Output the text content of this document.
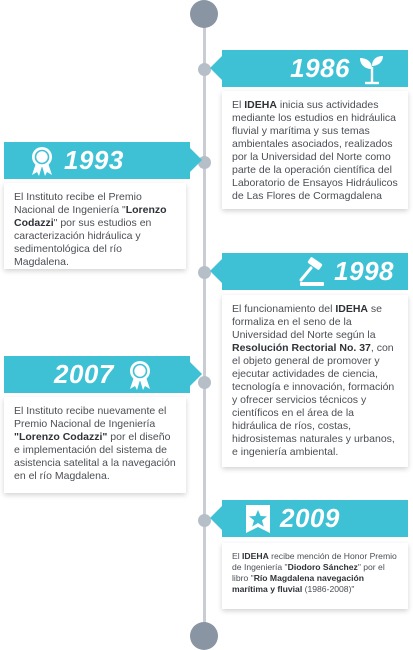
1986
El IDEHA inicia sus actividades mediante los estudios en hidráulica fluvial y marítima y sus temas ambientales asociados, realizados por la Universidad del Norte como parte de la operación científica del Laboratorio de Ensayos Hidráulicos de Las Flores de Cormagdalena
1993
El Instituto recibe el Premio Nacional de Ingeniería "Lorenzo Codazzi" por sus estudios en caracterización hidráulica y sedimentológica del río Magdalena.	1998
El funcionamiento del IDEHA se formaliza en el seno de la Universidad del Norte según la Resolución Rectorial No. 37, con el objeto general de promover y ejecutar actividades de ciencia, tecnología e innovación, formación y ofrecer servicios técnicos y científicos en el área de la hidráulica de ríos, costas, hidrosistemas naturales y urbanos, e ingeniería ambiental.
2007
El Instituto recibe nuevamente el Premio Nacional de Ingeniería "Lorenzo Codazzi" por el diseño e implementación del sistema de asistencia satelital a la navegación en el río Magdalena.
2009
El IDEHA recibe mención de Honor Premio de Ingeniería "Diodoro Sánchez" por el libro "Río Magdalena navegación marítima y fluvial (1986-2008)"
